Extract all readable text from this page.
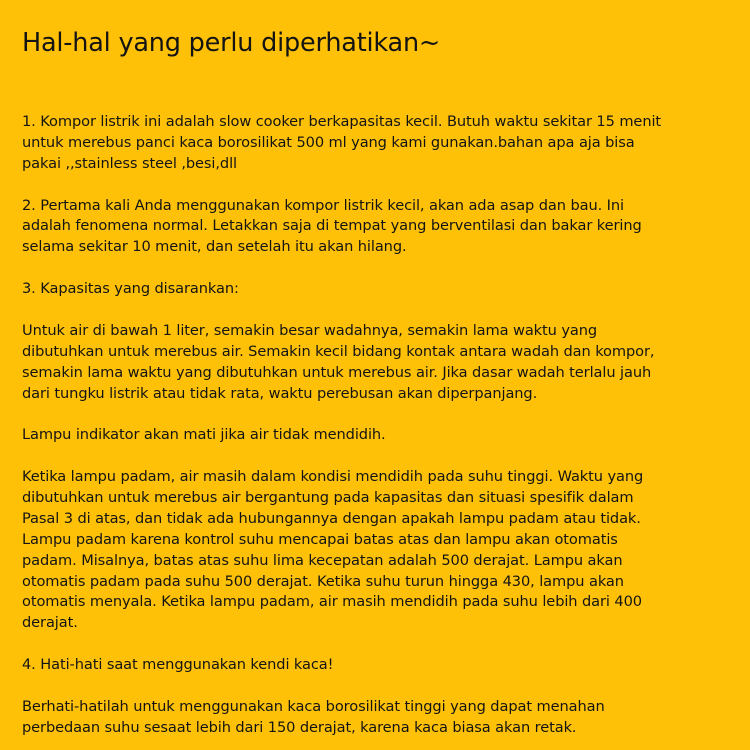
Hal-hal yang perlu diperhatikan~
1. Kompor listrik ini adalah slow cooker berkapasitas kecil. Butuh waktu sekitar 15 menit
untuk merebus panci kaca borosilikat 500 ml yang kami gunakan.bahan apa aja bisa
pakai ,,stainless steel ,besi,dll
2. Pertama kali Anda menggunakan kompor listrik kecil, akan ada asap dan bau. Ini
adalah fenomena normal. Letakkan saja di tempat yang berventilasi dan bakar kering
selama sekitar 10 menit, dan setelah itu akan hilang.
3. Kapasitas yang disarankan:
Untuk air di bawah 1 liter, semakin besar wadahnya, semakin lama waktu yang
dibutuhkan untuk merebus air. Semakin kecil bidang kontak antara wadah dan kompor,
semakin lama waktu yang dibutuhkan untuk merebus air. Jika dasar wadah terlalu jauh
dari tungku listrik atau tidak rata, waktu perebusan akan diperpanjang.
Lampu indikator akan mati jika air tidak mendidih.
Ketika lampu padam, air masih dalam kondisi mendidih pada suhu tinggi. Waktu yang
dibutuhkan untuk merebus air bergantung pada kapasitas dan situasi spesifik dalam
Pasal 3 di atas, dan tidak ada hubungannya dengan apakah lampu padam atau tidak.
Lampu padam karena kontrol suhu mencapai batas atas dan lampu akan otomatis
padam. Misalnya, batas atas suhu lima kecepatan adalah 500 derajat. Lampu akan
otomatis padam pada suhu 500 derajat. Ketika suhu turun hingga 430, lampu akan
otomatis menyala. Ketika lampu padam, air masih mendidih pada suhu lebih dari 400
derajat.
4. Hati-hati saat menggunakan kendi kaca!
Berhati-hatilah untuk menggunakan kaca borosilikat tinggi yang dapat menahan
perbedaan suhu sesaat lebih dari 150 derajat, karena kaca biasa akan retak.
